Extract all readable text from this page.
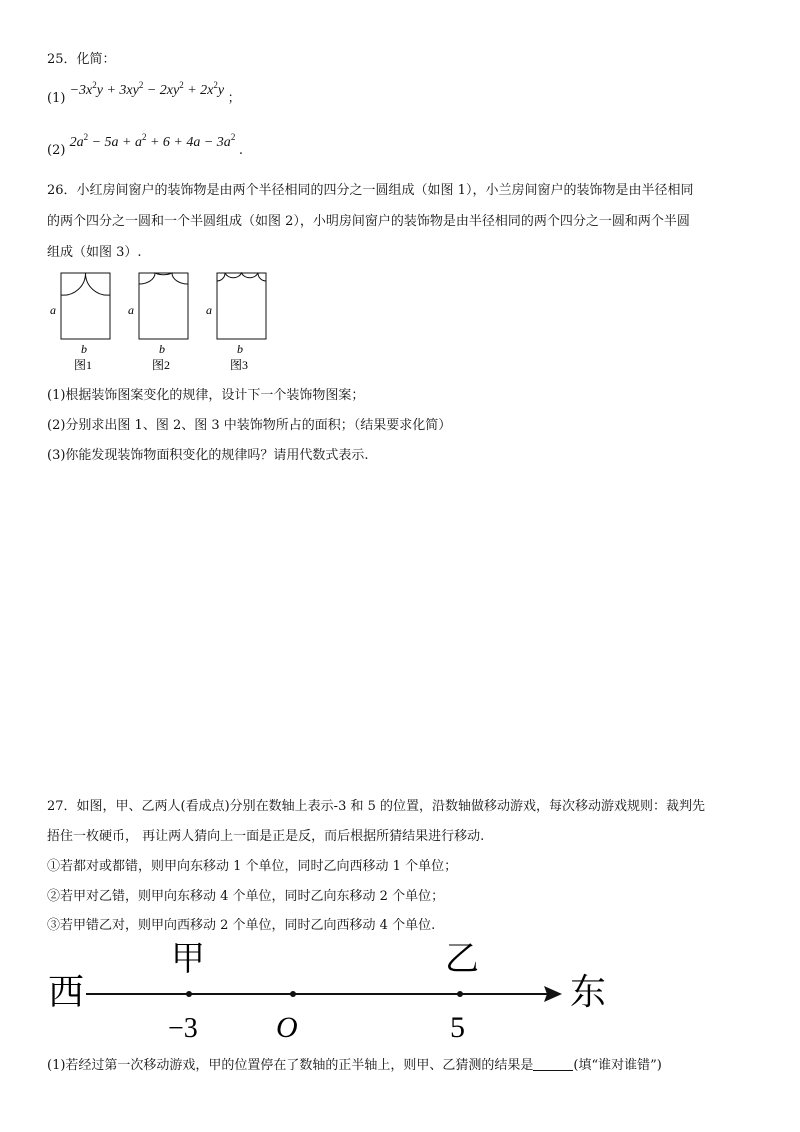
25．化简：
$(1) -3x^2y + 3xy^2 - 2xy^2 + 2x^2y$ ；
(2) $2a^2 - 5a + a^2 + 6 + 4a - 3a^2$ .
26．小红房间窗户的装饰物是由两个半径相同的四分之一圆组成（如图 1），小兰房间窗户的装饰物是由半径相同
的两个四分之一圆和一个半圆组成（如图 2），小明房间窗户的装饰物是由半径相同的两个四分之一圆和两个半圆
组成（如图 3）.
a
b
图1
a
b
图2
a
b
图3
(1)根据装饰图案变化的规律，设计下一个装饰物图案；
(2)分别求出图 1、图 2、图 3 中装饰物所占的面积；（结果要求化简）
(3)你能发现装饰物面积变化的规律吗？请用代数式表示.
27．如图，甲、乙两人(看成点)分别在数轴上表示-3 和 5 的位置，沿数轴做移动游戏，每次移动游戏规则：裁判先
捂住一枚硬币， 再让两人猜向上一面是正是反，而后根据所猜结果进行移动.
①若都对或都错，则甲向东移动 1 个单位，同时乙向西移动 1 个单位；
②若甲对乙错，则甲向东移动 4 个单位，同时乙向东移动 2 个单位；
③若甲错乙对，则甲向西移动 2 个单位，同时乙向西移动 4 个单位.
西	东
甲
−3	O
乙
5
(1)若经过第一次移动游戏，甲的位置停在了数轴的正半轴上，则甲、乙猜测的结果是	(填“谁对谁错”)
